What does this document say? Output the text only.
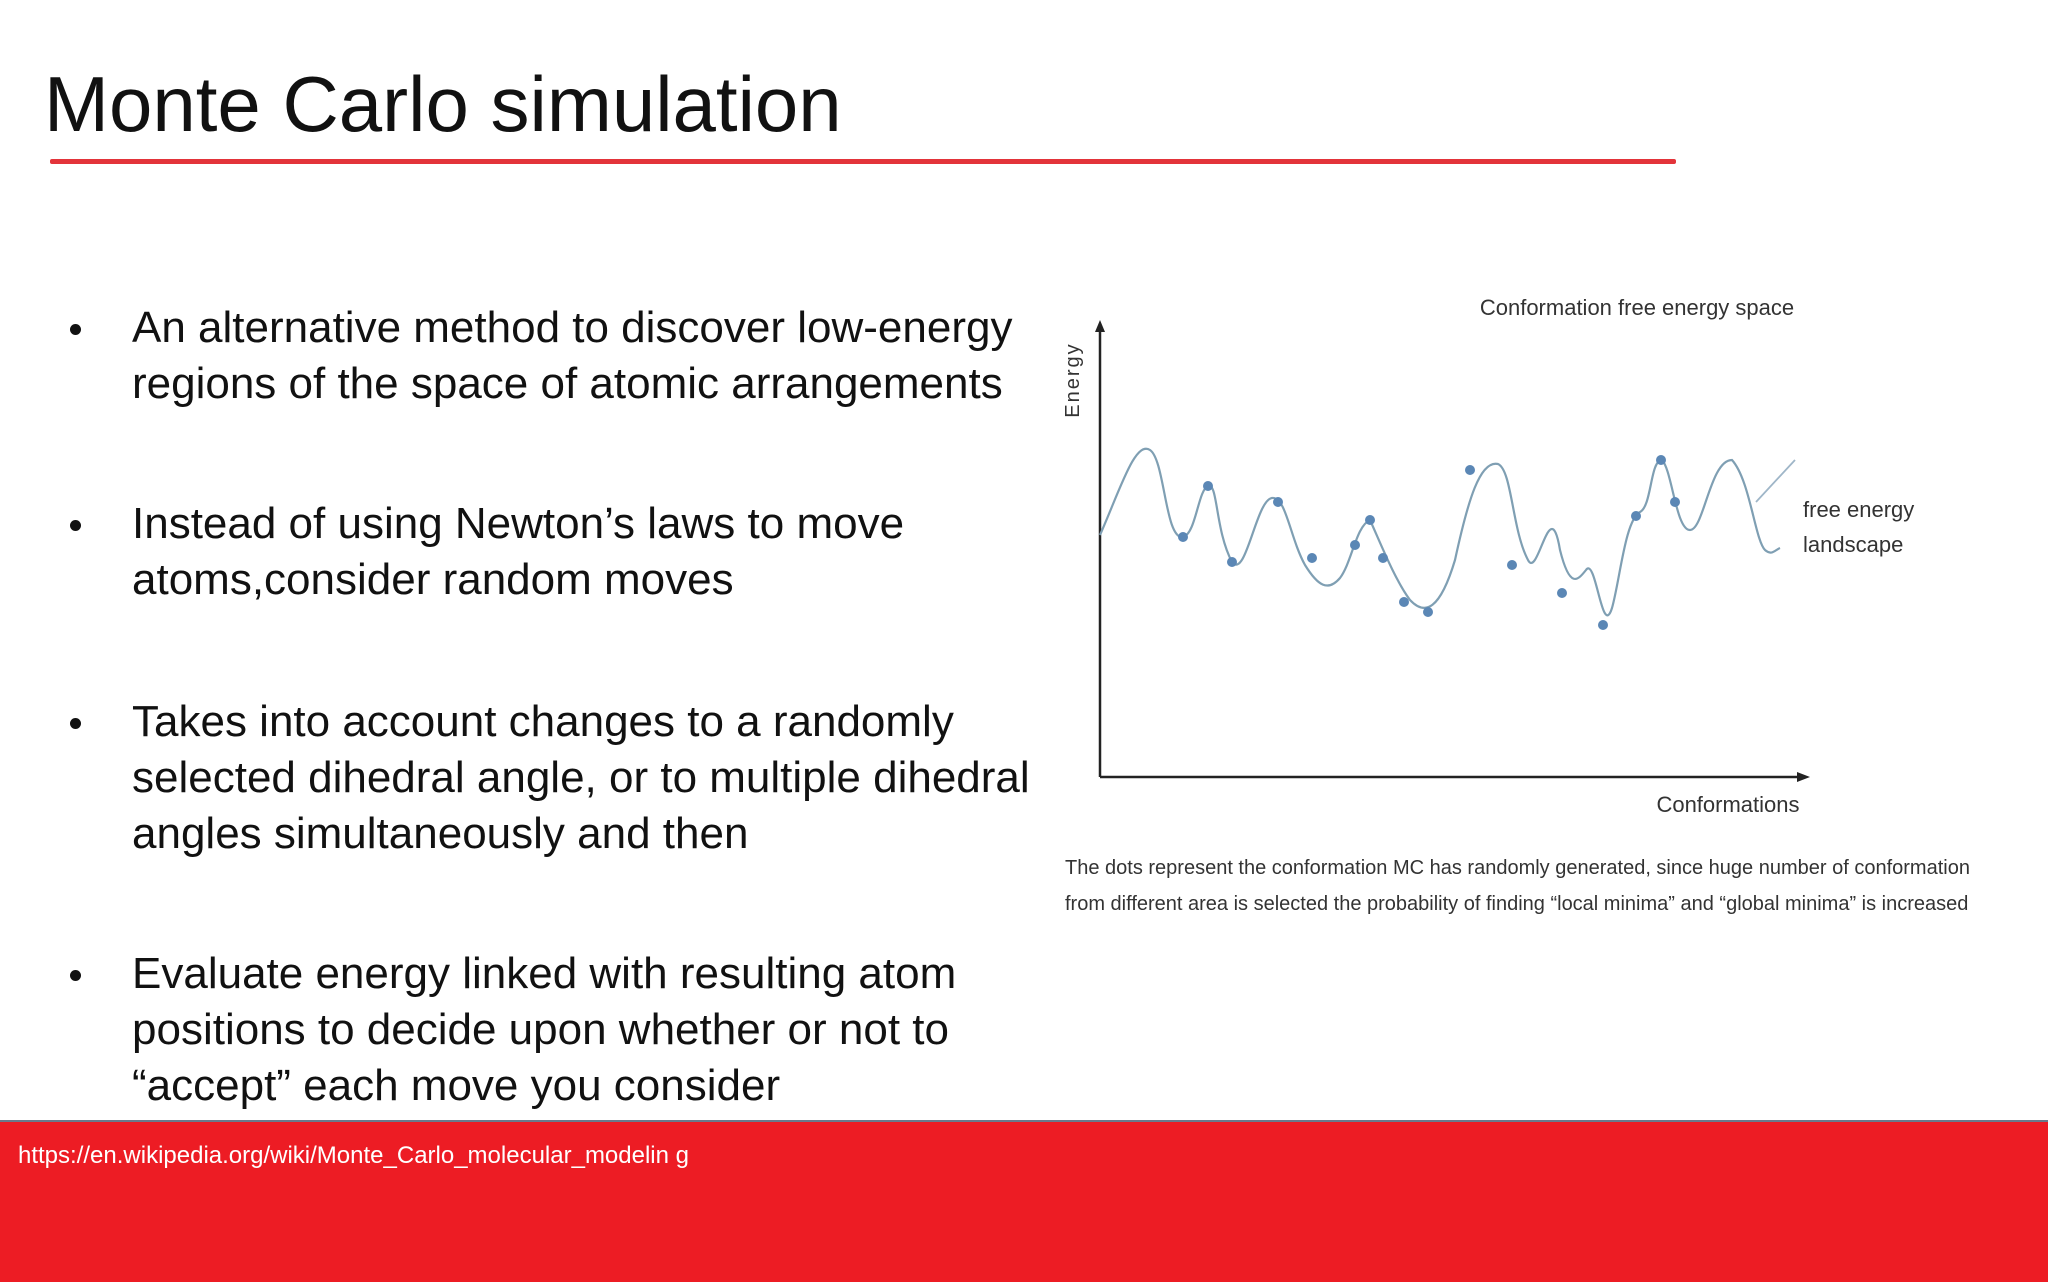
Monte Carlo simulation
An alternative method to discover low-energy
regions of the space of atomic arrangements
Instead of using Newton’s laws to move
atoms,consider random moves
Takes into account changes to a randomly
selected dihedral angle, or to multiple dihedral
angles simultaneously and then
Evaluate energy linked with resulting atom
positions to decide upon whether or not to
“accept” each move you consider
Conformation free energy space
Energy
Conformations
free energy landscape
The dots represent the conformation MC has randomly generated, since huge number of conformation
from different area is selected the probability of finding “local minima” and “global minima” is increased
https://en.wikipedia.org/wiki/Monte_Carlo_molecular_modelin g
